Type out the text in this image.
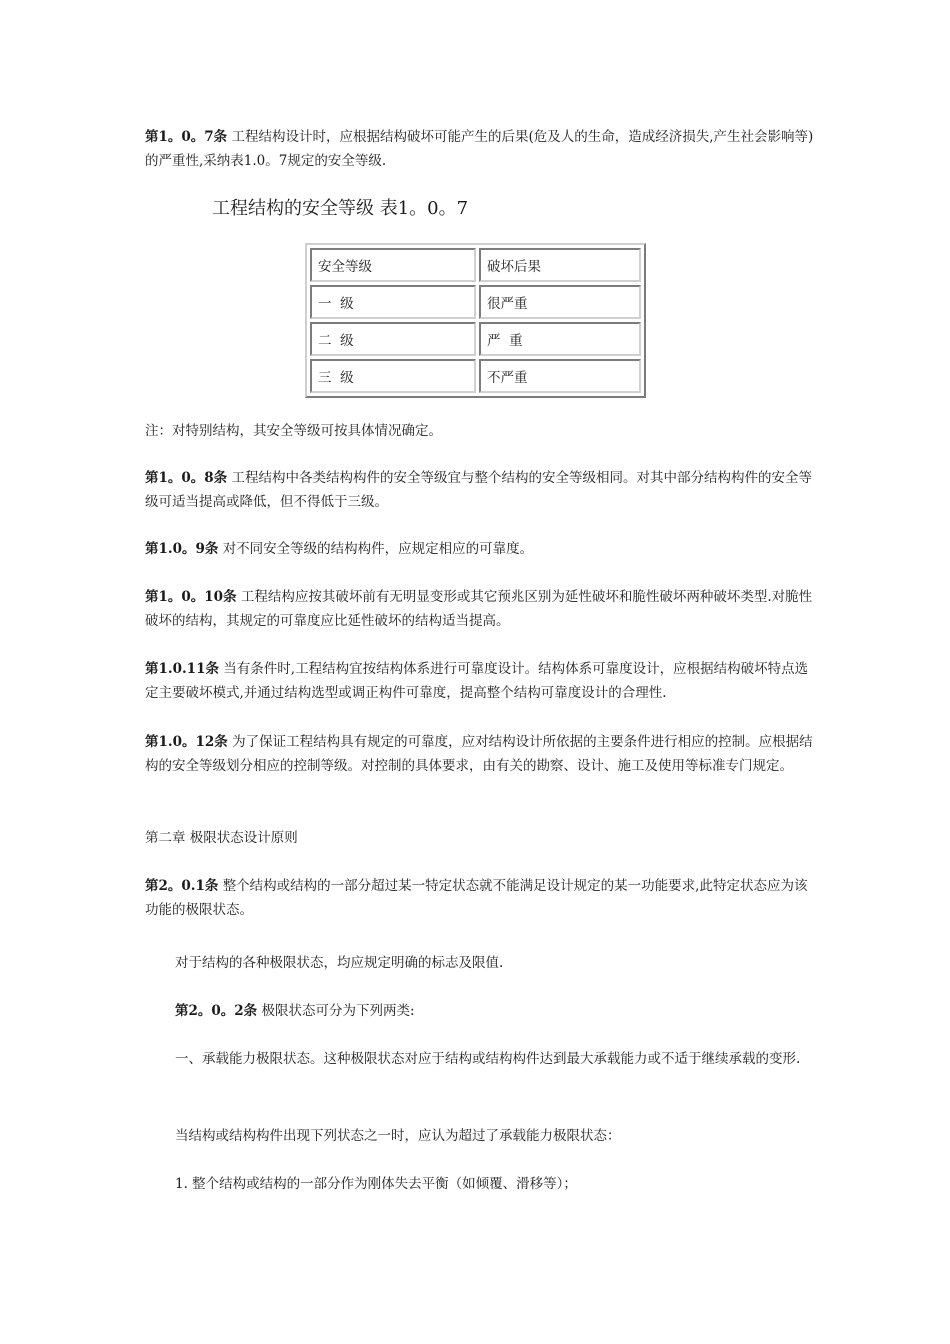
第1。0。7条 工程结构设计时，应根据结构破坏可能产生的后果(危及人的生命，造成经济损失,产生社会影响等)的严重性,采纳表1.0。7规定的安全等级.

工程结构的安全等级 表1。0。7

安全等级	破坏后果
一  级	很严重
二  级	严  重
三  级	不严重

注：对特别结构，其安全等级可按具体情况确定。

第1。0。8条 工程结构中各类结构构件的安全等级宜与整个结构的安全等级相同。对其中部分结构构件的安全等级可适当提高或降低，但不得低于三级。

第1.0。9条 对不同安全等级的结构构件，应规定相应的可靠度。

第1。0。10条 工程结构应按其破坏前有无明显变形或其它预兆区别为延性破坏和脆性破坏两种破坏类型.对脆性破坏的结构，其规定的可靠度应比延性破坏的结构适当提高。

第1.0.11条 当有条件时,工程结构宜按结构体系进行可靠度设计。结构体系可靠度设计，应根据结构破坏特点选定主要破坏模式,并通过结构选型或调正构件可靠度，提高整个结构可靠度设计的合理性.

第1.0。12条 为了保证工程结构具有规定的可靠度，应对结构设计所依据的主要条件进行相应的控制。应根据结构的安全等级划分相应的控制等级。对控制的具体要求，由有关的勘察、设计、施工及使用等标准专门规定。

第二章 极限状态设计原则

第2。0.1条 整个结构或结构的一部分超过某一特定状态就不能满足设计规定的某一功能要求,此特定状态应为该功能的极限状态。

对于结构的各种极限状态，均应规定明确的标志及限值.

第2。0。2条 极限状态可分为下列两类:

一、承载能力极限状态。这种极限状态对应于结构或结构构件达到最大承载能力或不适于继续承载的变形.

当结构或结构构件出现下列状态之一时，应认为超过了承载能力极限状态：

1. 整个结构或结构的一部分作为刚体失去平衡（如倾覆、滑移等）；
